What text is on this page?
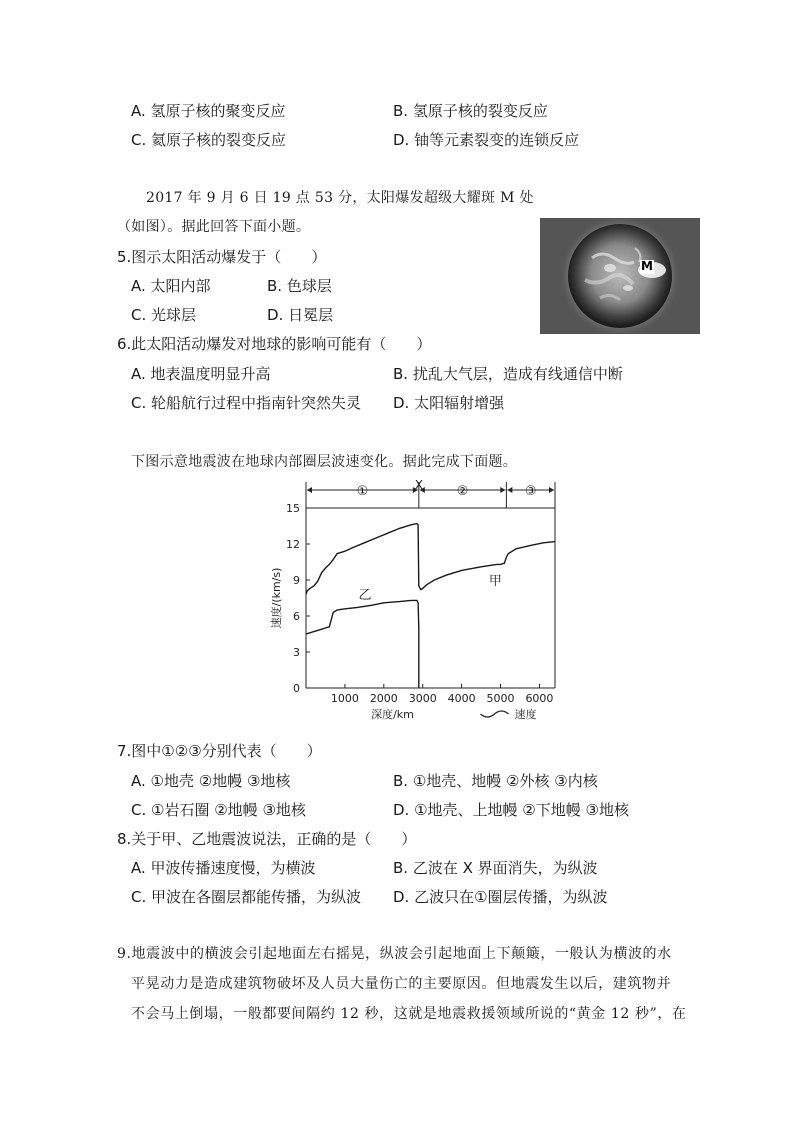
A. 氢原子核的聚变反应	B. 氢原子核的裂变反应
C. 氦原子核的裂变反应	D. 铀等元素裂变的连锁反应
2017 年 9 月 6 日 19 点 53 分，太阳爆发超级大耀斑 M 处
（如图）。据此回答下面小题。
M
5.图示太阳活动爆发于（　　）
A. 太阳内部	B. 色球层
C. 光球层	D. 日冕层
6.此太阳活动爆发对地球的影响可能有（　　）
A. 地表温度明显升高	B. 扰乱大气层，造成有线通信中断
C. 轮船航行过程中指南针突然失灵 D. 太阳辐射增强
下图示意地震波在地球内部圈层波速变化。据此完成下面题。
0
3
6
9
12
15
1000 2000 3000 4000 5000 6000
①	②	③
X
速度/(km/s)
深度/km	速度
甲
乙
7.图中①②③分别代表（　　）
A. ①地壳 ②地幔 ③地核	B. ①地壳、地幔 ②外核 ③内核
C. ①岩石圈 ②地幔 ③地核	D. ①地壳、上地幔 ②下地幔 ③地核
8.关于甲、乙地震波说法，正确的是（　　）
A. 甲波传播速度慢，为横波	B. 乙波在 X 界面消失，为纵波
C. 甲波在各圈层都能传播，为纵波 D. 乙波只在①圈层传播，为纵波
9.地震波中的横波会引起地面左右摇晃，纵波会引起地面上下颠簸，一般认为横波的水
平晃动力是造成建筑物破坏及人员大量伤亡的主要原因。但地震发生以后，建筑物并
不会马上倒塌，一般都要间隔约 12 秒，这就是地震救援领域所说的“黄金 12 秒”，在
